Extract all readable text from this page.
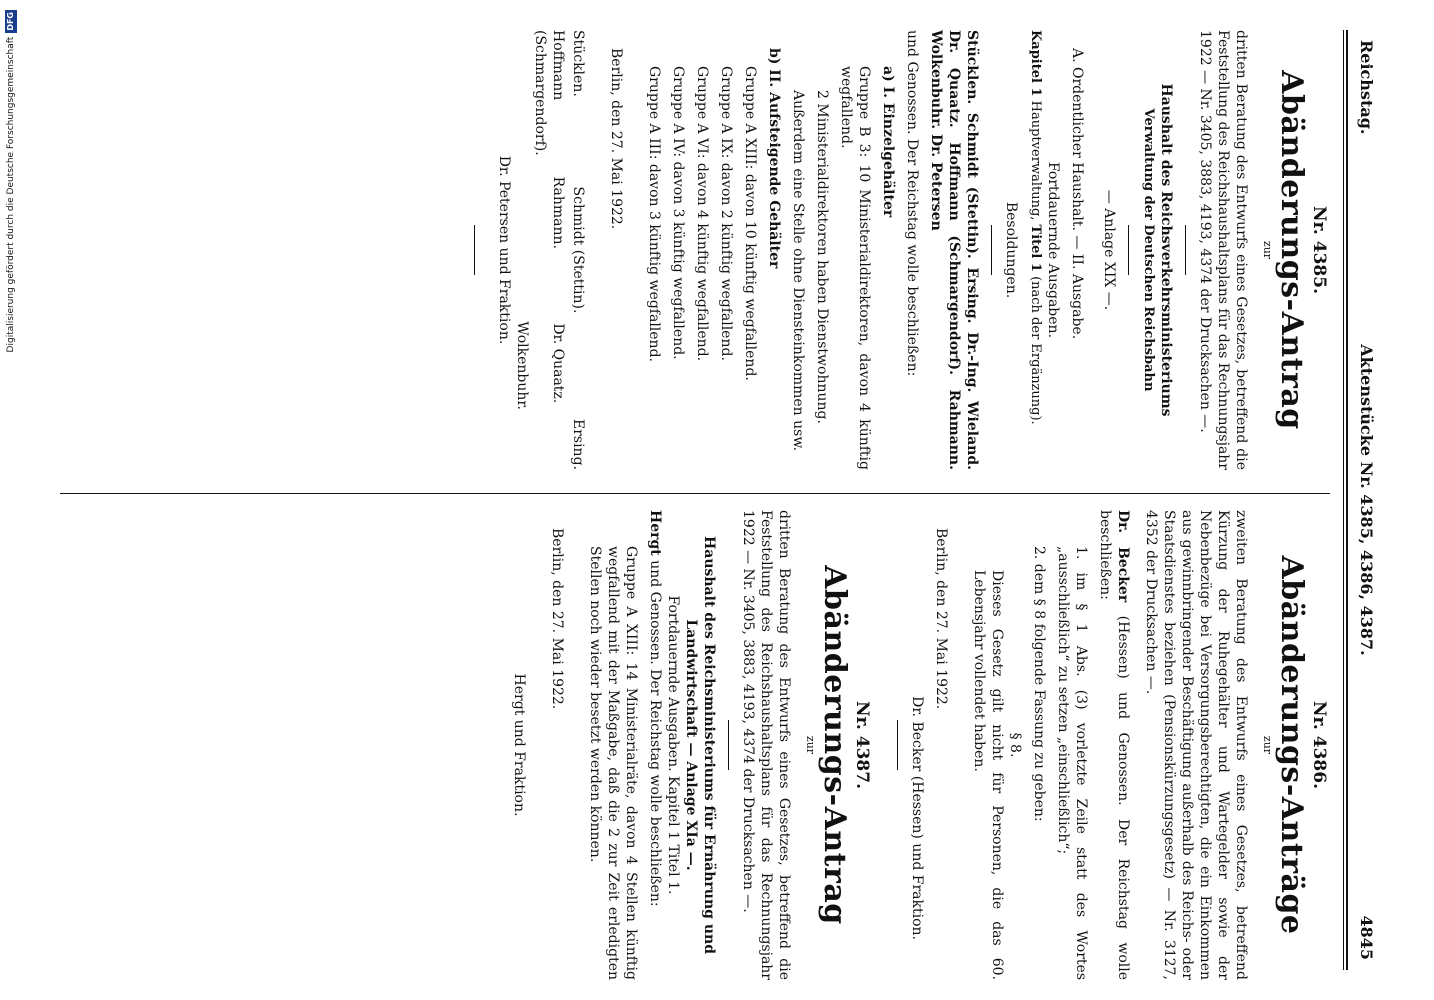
Digitalisierung gefördert durch die Deutsche Forschungsgemeinschaft
DFG
Reichstag.
Aktenstücke Nr. 4385, 4386, 4387.
4845
Nr. 4385.
Abänderungs-Antrag
zur

dritten Beratung des Entwurfs eines Gesetzes, betreffend die Feststellung des Reichshaushaltsplans für das Rechnungsjahr 1922 — Nr. 3405, 3883, 4193, 4374 der Drucksachen —.

Haushalt des Reichsverkehrsministeriums

Verwaltung der Deutschen Reichsbahn

— Anlage XIX —.

A. Ordentlicher Haushalt. — II. Ausgabe.

Fortdauernde Ausgaben.

Kapitel 1 Hauptverwaltung, Titel 1 (nach der Ergänzung).

Besoldungen.

Stücklen. Schmidt (Stettin). Ersing. Dr.-Ing. Wieland. Dr. Quaatz. Hoffmann (Schmargendorf). Rahmann. Wolkenbuhr. Dr. Petersen

und Genossen. Der Reichstag wolle beschließen:

a) I. Einzelgehälter

Gruppe B 3: 10 Ministerialdirektoren, davon 4 künftig wegfallend.

2 Ministerialdirektoren haben Dienstwohnung.

Außerdem eine Stelle ohne Diensteinkommen usw.

b) II. Aufsteigende Gehälter

Gruppe A XIII: davon 10 künftig wegfallend.

Gruppe A IX: davon 2 künftig wegfallend.

Gruppe A VI: davon 4 künftig wegfallend.

Gruppe A IV: davon 3 künftig wegfallend.

Gruppe A III: davon 3 künftig wegfallend.

Berlin, den 27. Mai 1922.

Stücklen.
Schmidt (Stettin).
Ersing.
Hoffmann (Schmargendorf).
Rahmann.
Dr. Quaatz.

Wolkenbuhr.

Dr. Petersen und Fraktion.

Nr. 4386.
Abänderungs-Anträge
zur

zweiten Beratung des Entwurfs eines Gesetzes, betreffend Kürzung der Ruhegehälter und Wartegelder sowie der Nebenbezüge bei Versorgungsberechtigten, die ein Einkommen aus gewinnbringender Beschäftigung außerhalb des Reichs- oder Staatsdienstes beziehen (Pensionskürzungsgesetz) — Nr. 3127, 4352 der Drucksachen —.

Dr. Becker (Hessen) und Genossen. Der Reichstag wolle beschließen:

1. im § 1 Abs. (3) vorletzte Zeile statt des Wortes „ausschließlich“ zu setzen „einschließlich“;

2. dem § 8 folgende Fassung zu geben:

§ 8.

Dieses Gesetz gilt nicht für Personen, die das 60. Lebensjahr vollendet haben.

Berlin, den 27. Mai 1922.

Dr. Becker (Hessen) und Fraktion.

Nr. 4387.
Abänderungs-Antrag
zur

dritten Beratung des Entwurfs eines Gesetzes, betreffend die Feststellung des Reichshaushaltsplans für das Rechnungsjahr 1922 — Nr. 3405, 3883, 4193, 4374 der Drucksachen —.

Haushalt des Reichsministeriums für Ernährung und Landwirtschaft — Anlage XIa —.

Fortdauernde Ausgaben. Kapitel 1 Titel 1.

Hergt und Genossen. Der Reichstag wolle beschließen:

Gruppe A XIII: 14 Ministerialräte, davon 4 Stellen künftig wegfallend mit der Maßgabe, daß die 2 zur Zeit erledigten Stellen noch wieder besetzt werden können.

Berlin, den 27. Mai 1922.

Hergt und Fraktion.
